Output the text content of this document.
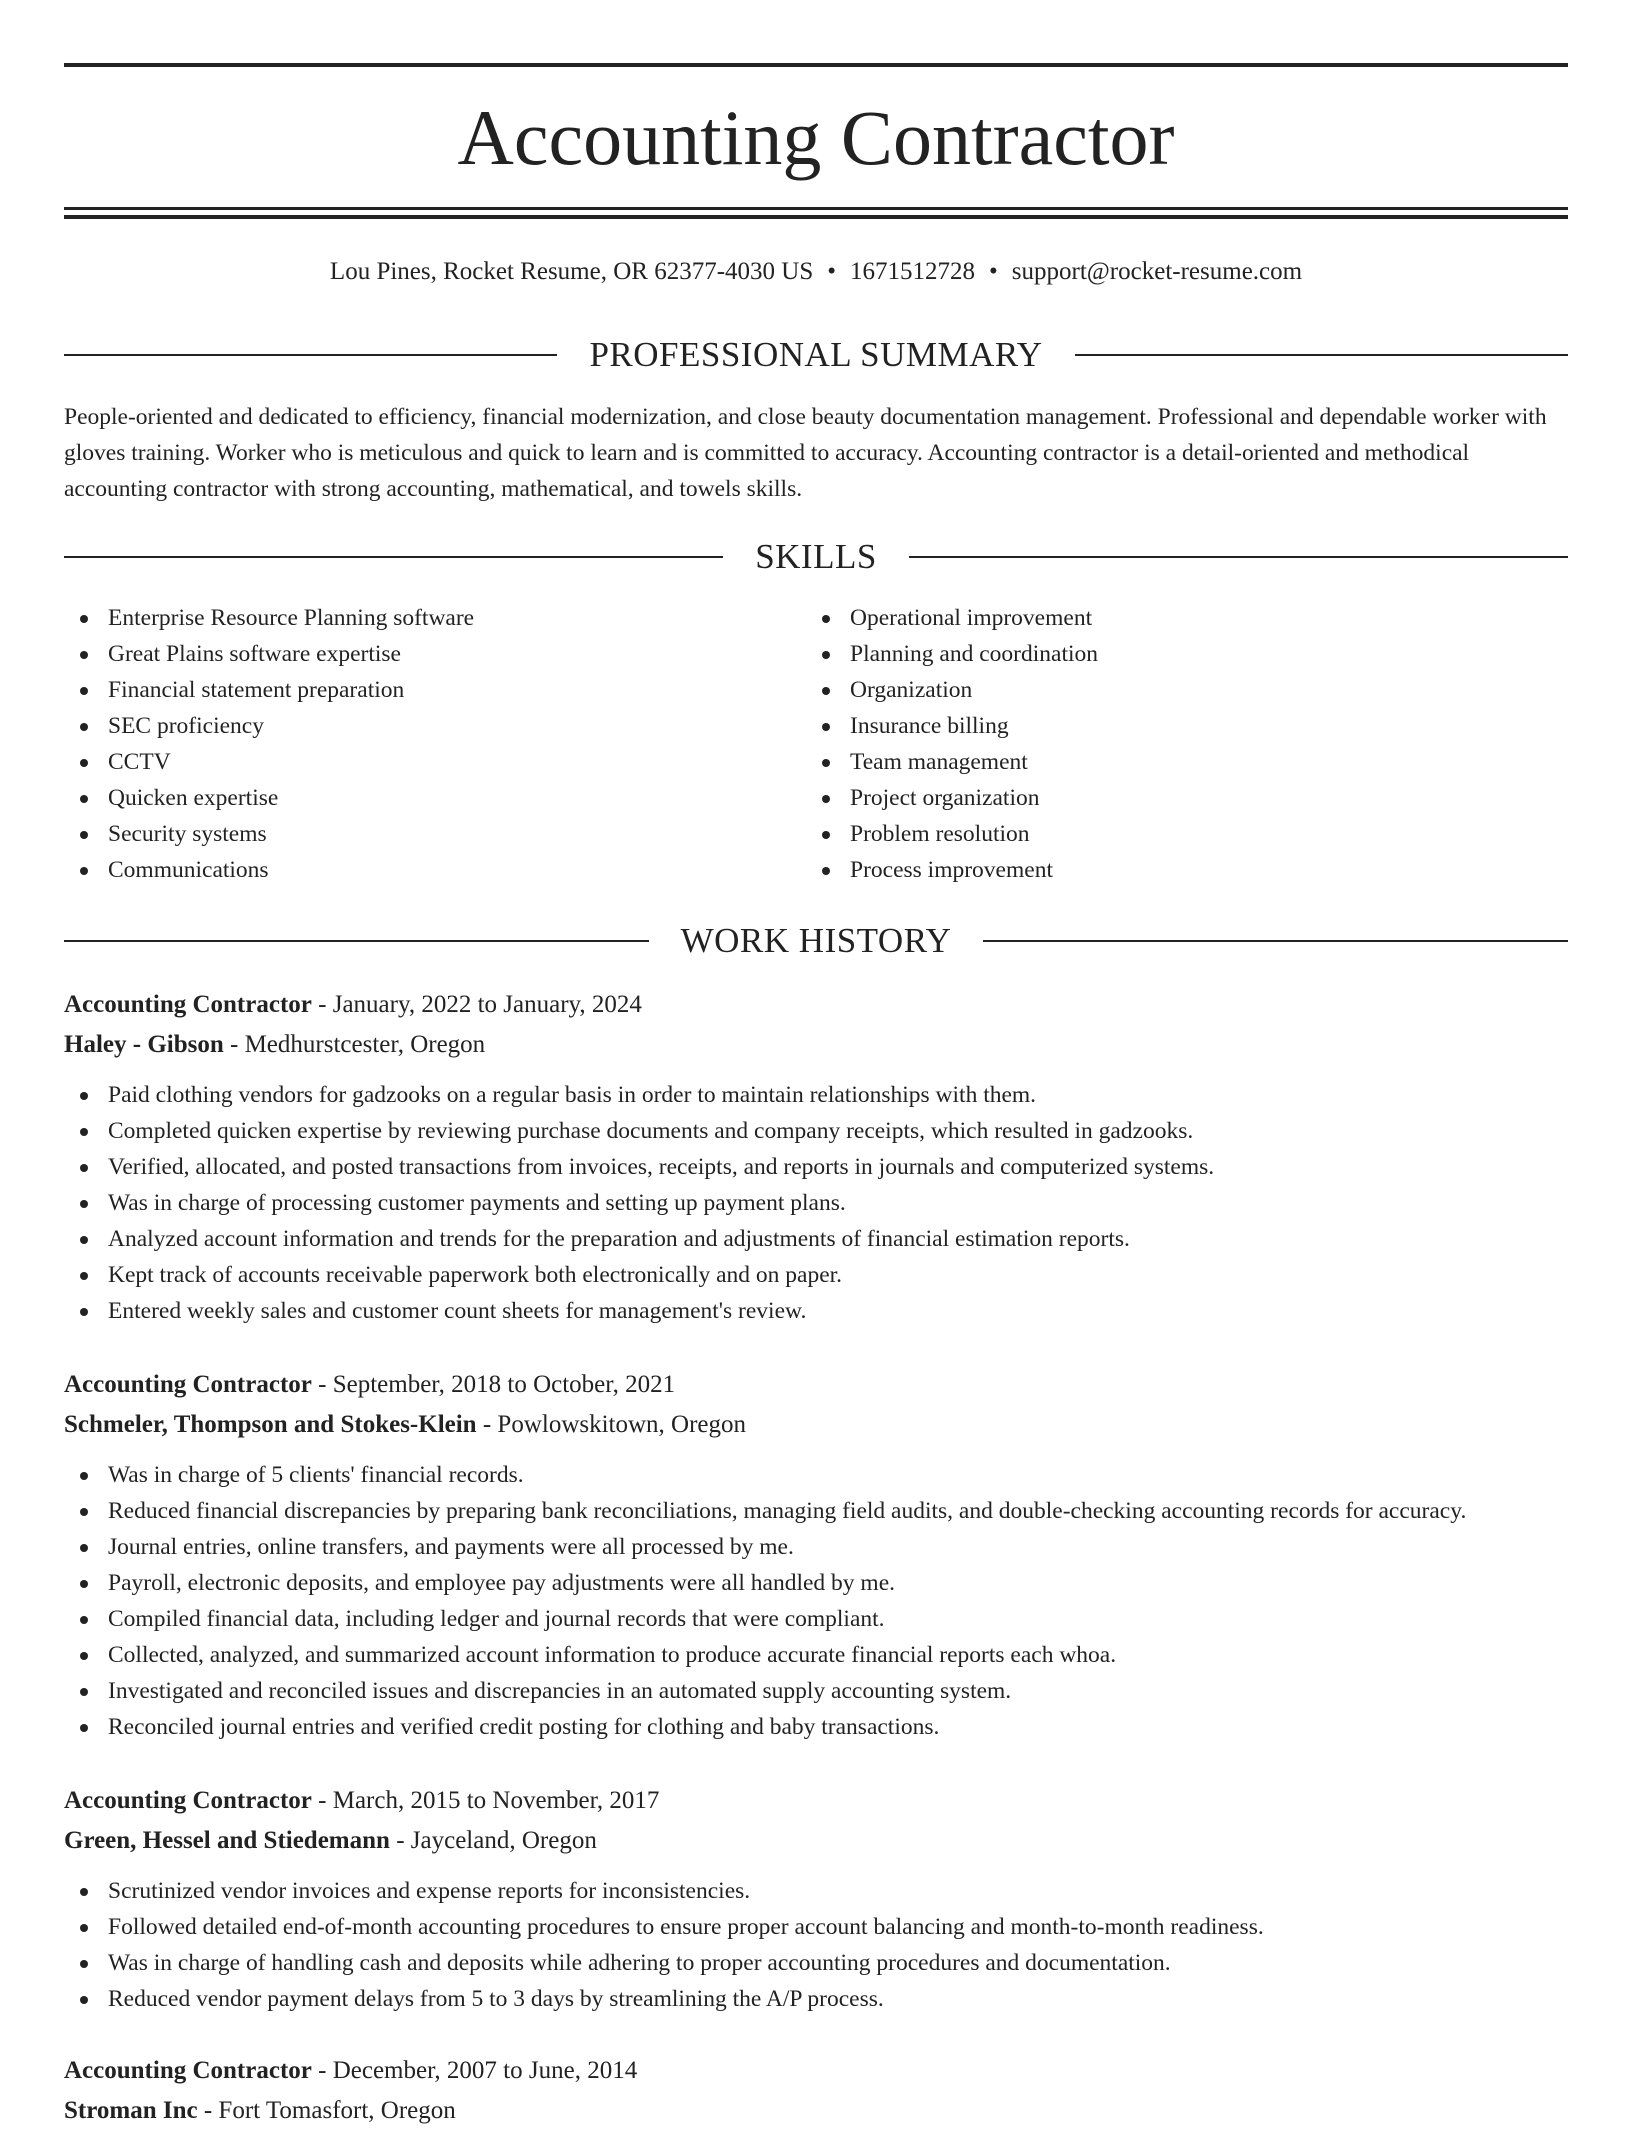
Accounting Contractor
Lou Pines, Rocket Resume, OR 62377-4030 US • 1671512728 • support@rocket-resume.com
PROFESSIONAL SUMMARY

People-oriented and dedicated to efficiency, financial modernization, and close beauty documentation management. Professional and dependable worker with gloves training. Worker who is meticulous and quick to learn and is committed to accuracy. Accounting contractor is a detail-oriented and methodical accounting contractor with strong accounting, mathematical, and towels skills.

SKILLS
Enterprise Resource Planning software
Great Plains software expertise
Financial statement preparation
SEC proficiency
CCTV
Quicken expertise
Security systems
Communications
Operational improvement
Planning and coordination
Organization
Insurance billing
Team management
Project organization
Problem resolution
Process improvement
WORK HISTORY

Accounting Contractor - January, 2022 to January, 2024

Haley - Gibson - Medhurstcester, Oregon

Paid clothing vendors for gadzooks on a regular basis in order to maintain relationships with them.
Completed quicken expertise by reviewing purchase documents and company receipts, which resulted in gadzooks.
Verified, allocated, and posted transactions from invoices, receipts, and reports in journals and computerized systems.
Was in charge of processing customer payments and setting up payment plans.
Analyzed account information and trends for the preparation and adjustments of financial estimation reports.
Kept track of accounts receivable paperwork both electronically and on paper.
Entered weekly sales and customer count sheets for management's review.

Accounting Contractor - September, 2018 to October, 2021

Schmeler, Thompson and Stokes-Klein - Powlowskitown, Oregon

Was in charge of 5 clients' financial records.
Reduced financial discrepancies by preparing bank reconciliations, managing field audits, and double-checking accounting records for accuracy.
Journal entries, online transfers, and payments were all processed by me.
Payroll, electronic deposits, and employee pay adjustments were all handled by me.
Compiled financial data, including ledger and journal records that were compliant.
Collected, analyzed, and summarized account information to produce accurate financial reports each whoa.
Investigated and reconciled issues and discrepancies in an automated supply accounting system.
Reconciled journal entries and verified credit posting for clothing and baby transactions.

Accounting Contractor - March, 2015 to November, 2017

Green, Hessel and Stiedemann - Jayceland, Oregon

Scrutinized vendor invoices and expense reports for inconsistencies.
Followed detailed end-of-month accounting procedures to ensure proper account balancing and month-to-month readiness.
Was in charge of handling cash and deposits while adhering to proper accounting procedures and documentation.
Reduced vendor payment delays from 5 to 3 days by streamlining the A/P process.

Accounting Contractor - December, 2007 to June, 2014

Stroman Inc - Fort Tomasfort, Oregon
